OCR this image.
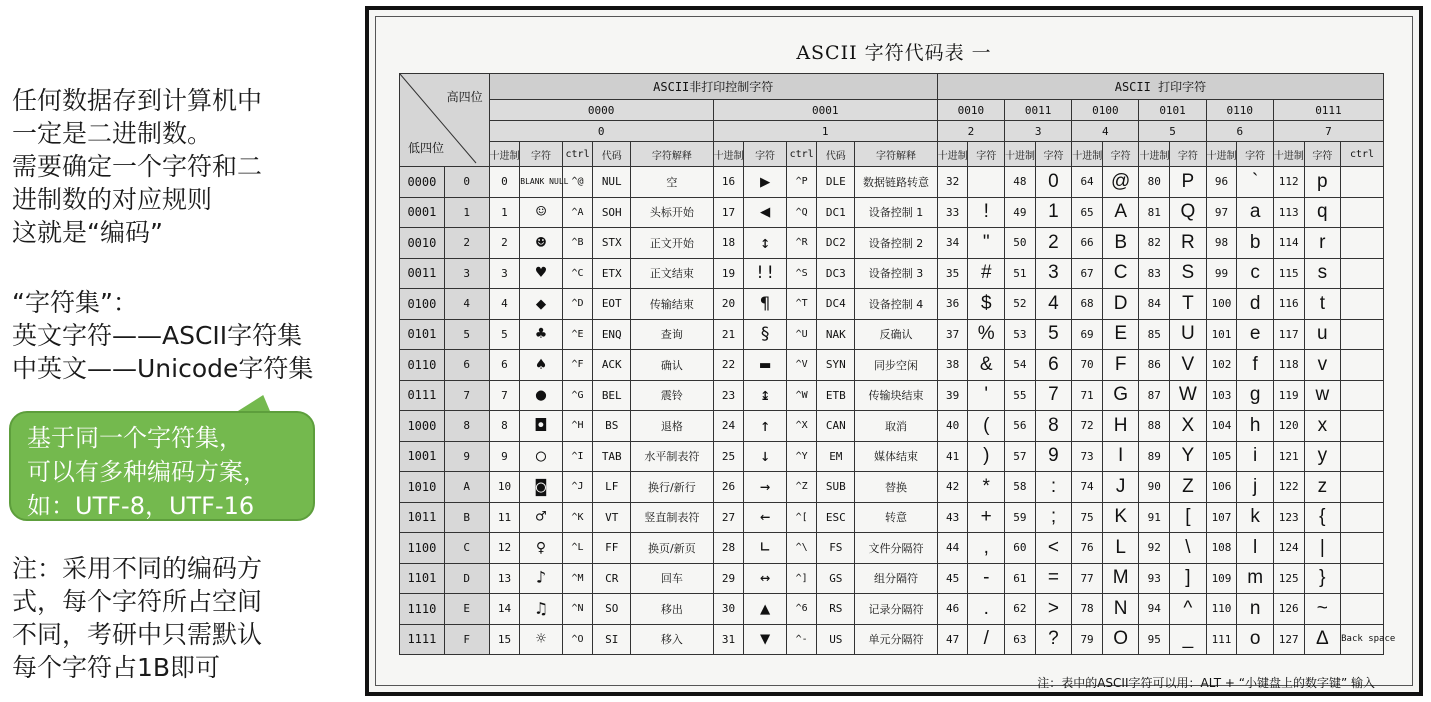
任何数据存到计算机中

一定是二进制数。

需要确定一个字符和二

进制数的对应规则

这就是“编码”

“字符集”：

英文字符——ASCII字符集

中英文——Unicode字符集

基于同一个字符集，
可以有多种编码方案，
如：UTF-8，UTF-16

注：采用不同的编码方

式，每个字符所占空间

不同，考研中只需默认

每个字符占1B即可

ASCII 字符代码表 一
注：表中的ASCII字符可以用：ALT + “小键盘上的数字键” 输入
高四位
低四位		ASCII非打印控制字符										ASCII 打印字符												
		0000					0001					0010		0011		0100		0101		0110		0111		
		0					1					2		3		4		5		6		7		
		十进制	字符	ctrl	代码	字符解释	十进制	字符	ctrl	代码	字符解释	十进制	字符	十进制	字符	十进制	字符	十进制	字符	十进制	字符	十进制	字符	ctrl
0000	0	0	BLANK NULL	^@	NUL	空	16	▶	^P	DLE	数据链路转意	32		48	0	64	@	80	P	96	`	112	p	
0001	1	1	☺	^A	SOH	头标开始	17	◀	^Q	DC1	设备控制 1	33	!	49	1	65	A	81	Q	97	a	113	q	
0010	2	2	☻	^B	STX	正文开始	18	↕	^R	DC2	设备控制 2	34	"	50	2	66	B	82	R	98	b	114	r	
0011	3	3	♥	^C	ETX	正文结束	19	!!	^S	DC3	设备控制 3	35	#	51	3	67	C	83	S	99	c	115	s	
0100	4	4	◆	^D	EOT	传输结束	20	¶	^T	DC4	设备控制 4	36	$	52	4	68	D	84	T	100	d	116	t	
0101	5	5	♣	^E	ENQ	查询	21	§	^U	NAK	反确认	37	%	53	5	69	E	85	U	101	e	117	u	
0110	6	6	♠	^F	ACK	确认	22	▬	^V	SYN	同步空闲	38	&	54	6	70	F	86	V	102	f	118	v	
0111	7	7	●	^G	BEL	震铃	23	↨	^W	ETB	传输块结束	39	'	55	7	71	G	87	W	103	g	119	w	
1000	8	8	◘	^H	BS	退格	24	↑	^X	CAN	取消	40	(	56	8	72	H	88	X	104	h	120	x	
1001	9	9	○	^I	TAB	水平制表符	25	↓	^Y	EM	媒体结束	41	)	57	9	73	I	89	Y	105	i	121	y	
1010	A	10	◙	^J	LF	换行/新行	26	→	^Z	SUB	替换	42	*	58	:	74	J	90	Z	106	j	122	z	
1011	B	11	♂	^K	VT	竖直制表符	27	←	^[	ESC	转意	43	+	59	;	75	K	91	[	107	k	123	{	
1100	C	12	♀	^L	FF	换页/新页	28	∟	^\	FS	文件分隔符	44	,	60	<	76	L	92	\	108	l	124	|	
1101	D	13	♪	^M	CR	回车	29	↔	^]	GS	组分隔符	45	-	61	=	77	M	93	]	109	m	125	}	
1110	E	14	♫	^N	SO	移出	30	▲	^6	RS	记录分隔符	46	.	62	>	78	N	94	^	110	n	126	~	
1111	F	15	☼	^O	SI	移入	31	▼	^-	US	单元分隔符	47	/	63	?	79	O	95	_	111	o	127	Δ	Back space
